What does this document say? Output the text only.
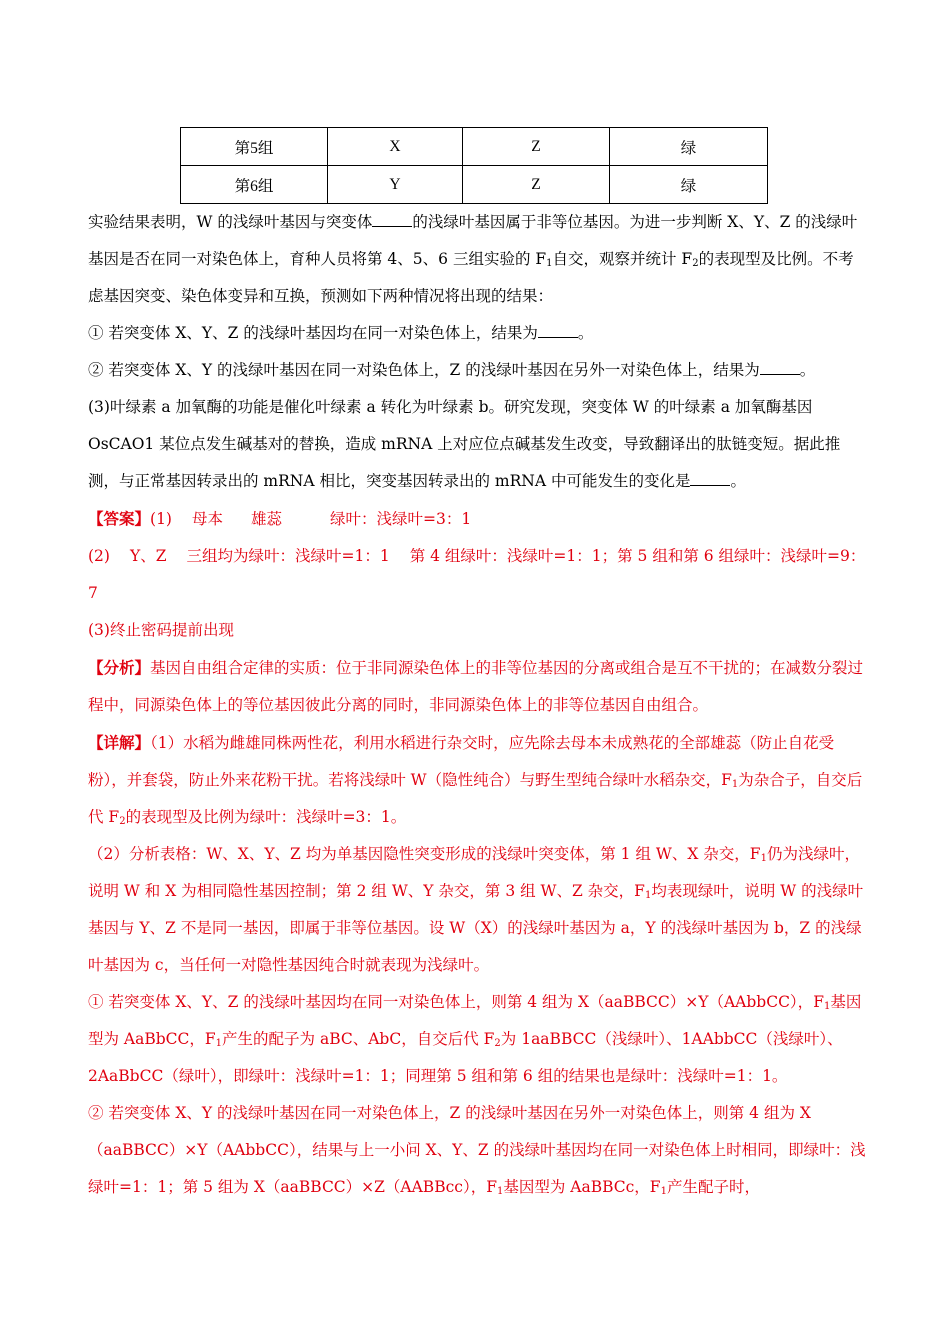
第5组	X	Z	绿
第6组	Y	Z	绿

实验结果表明，W 的浅绿叶基因与突变体	的浅绿叶基因属于非等位基因。为进一步判断 X、Y、Z 的浅绿叶基因是否在同一对染色体上，育种人员将第 4、5、6 三组实验的 $F_1$自交，观察并统计 $F_2$的表现型及比例。不考虑基因突变、染色体变异和互换，预测如下两种情况将出现的结果：

① 若突变体 X、Y、Z 的浅绿叶基因均在同一对染色体上，结果为	。

② 若突变体 X、Y 的浅绿叶基因在同一对染色体上，Z 的浅绿叶基因在另外一对染色体上，结果为	。

(3)叶绿素 a 加氧酶的功能是催化叶绿素 a 转化为叶绿素 b。研究发现，突变体 W 的叶绿素 a 加氧酶基因 OsCAO1 某位点发生碱基对的替换，造成 mRNA 上对应位点碱基发生改变，导致翻译出的肽链变短。据此推测，与正常基因转录出的 mRNA 相比，突变基因转录出的 mRNA 中可能发生的变化是	。

【答案】(1) 母本 雄蕊	绿叶：浅绿叶=3：1

(2) Y、Z 三组均为绿叶：浅绿叶=1：1 第 4 组绿叶：浅绿叶=1：1；第 5 组和第 6 组绿叶：浅绿叶=9：7

(3)终止密码提前出现

【分析】基因自由组合定律的实质：位于非同源染色体上的非等位基因的分离或组合是互不干扰的；在减数分裂过程中，同源染色体上的等位基因彼此分离的同时，非同源染色体上的非等位基因自由组合。

【详解】（1）水稻为雌雄同株两性花，利用水稻进行杂交时，应先除去母本未成熟花的全部雄蕊（防止自花受粉），并套袋，防止外来花粉干扰。若将浅绿叶 W（隐性纯合）与野生型纯合绿叶水稻杂交，$F_1$为杂合子，自交后代 $F_2$的表现型及比例为绿叶：浅绿叶=3：1。

（2）分析表格：W、X、Y、Z 均为单基因隐性突变形成的浅绿叶突变体，第 1 组 W、X 杂交，$F_1$仍为浅绿叶，说明 W 和 X 为相同隐性基因控制；第 2 组 W、Y 杂交，第 3 组 W、Z 杂交，$F_1$均表现绿叶，说明 W 的浅绿叶基因与 Y、Z 不是同一基因，即属于非等位基因。设 W（X）的浅绿叶基因为 a，Y 的浅绿叶基因为 b，Z 的浅绿叶基因为 c，当任何一对隐性基因纯合时就表现为浅绿叶。

① 若突变体 X、Y、Z 的浅绿叶基因均在同一对染色体上，则第 4 组为 X（aaBBCC）×Y（AAbbCC），$F_1$基因型为 AaBbCC，$F_1$产生的配子为 aBC、AbC，自交后代 $F_2$为 1aaBBCC（浅绿叶）、1AAbbCC（浅绿叶）、2AaBbCC（绿叶），即绿叶：浅绿叶=1：1；同理第 5 组和第 6 组的结果也是绿叶：浅绿叶=1：1。

② 若突变体 X、Y 的浅绿叶基因在同一对染色体上，Z 的浅绿叶基因在另外一对染色体上，则第 4 组为 X（aaBBCC）×Y（AAbbCC），结果与上一小问 X、Y、Z 的浅绿叶基因均在同一对染色体上时相同，即绿叶：浅绿叶=1：1；第 5 组为 X（aaBBCC）×Z（AABBcc），$F_1$基因型为 AaBBCc，$F_1$产生配子时，
